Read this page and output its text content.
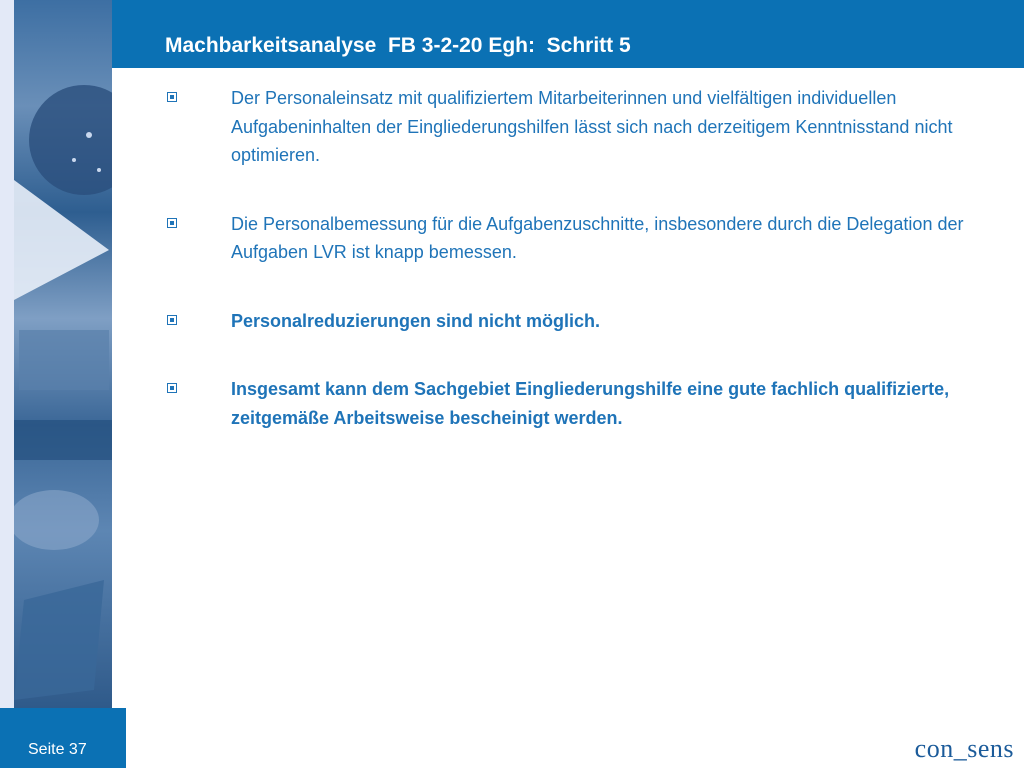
Machbarkeitsanalyse  FB 3-2-20 Egh:  Schritt 5
Der Personaleinsatz mit qualifiziertem Mitarbeiterinnen und vielfältigen individuellen Aufgabeninhalten der Eingliederungshilfen lässt sich nach derzeitigem Kenntnisstand nicht optimieren.
Die Personalbemessung für die Aufgabenzuschnitte, insbesondere durch die Delegation der Aufgaben LVR ist knapp bemessen.
Personalreduzierungen sind nicht möglich.
Insgesamt kann dem Sachgebiet Eingliederungshilfe eine gute fachlich qualifizierte, zeitgemäße Arbeitsweise bescheinigt werden.
Seite 37	con_sens
